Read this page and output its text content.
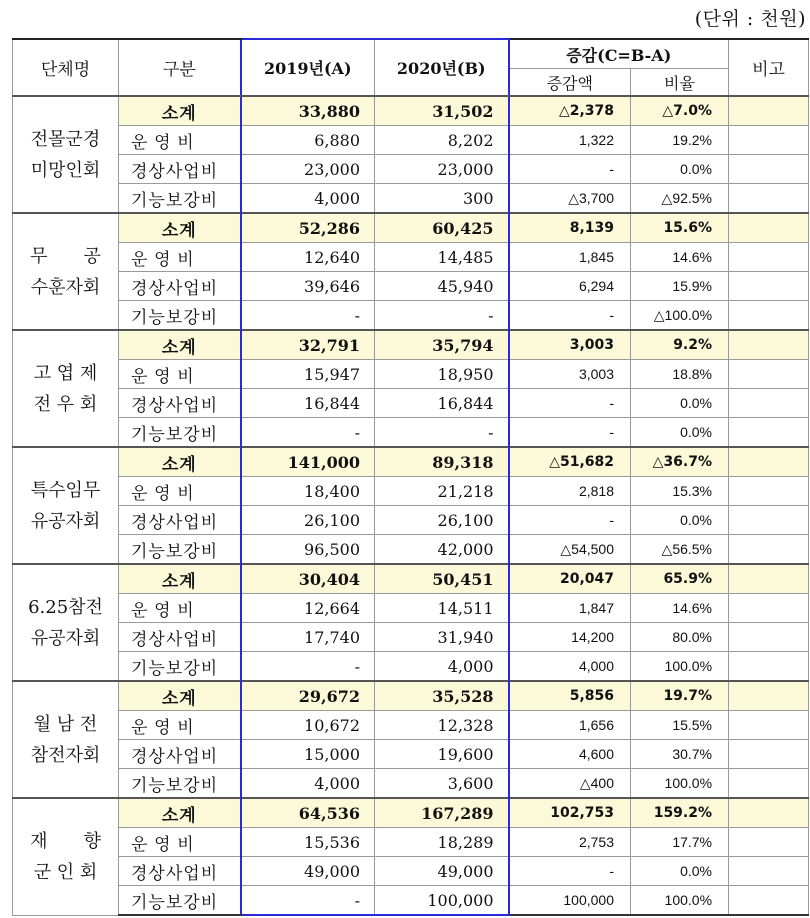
(단위 : 천원)
단체명	구분	2019년(A)	2020년(B)	증감(C=B-A)		비고
				증감액	비율	

전몰군경
미망인회	소계	33,880	31,502	△2,378	△7.0%	
	운 영 비	6,880	8,202	1,322	19.2%	
	경상사업비	23,000	23,000	-	0.0%	
	기능보강비	4,000	300	△3,700	△92.5%	

무　　공
수훈자회	소계	52,286	60,425	8,139	15.6%	
	운 영 비	12,640	14,485	1,845	14.6%	
	경상사업비	39,646	45,940	6,294	15.9%	
	기능보강비	-	-	-	△100.0%	

고 엽 제
전 우 회	소계	32,791	35,794	3,003	9.2%	
	운 영 비	15,947	18,950	3,003	18.8%	
	경상사업비	16,844	16,844	-	0.0%	
	기능보강비	-	-	-	0.0%	

특수임무
유공자회	소계	141,000	89,318	△51,682	△36.7%	
	운 영 비	18,400	21,218	2,818	15.3%	
	경상사업비	26,100	26,100	-	0.0%	
	기능보강비	96,500	42,000	△54,500	△56.5%	

6.25참전
유공자회	소계	30,404	50,451	20,047	65.9%	
	운 영 비	12,664	14,511	1,847	14.6%	
	경상사업비	17,740	31,940	14,200	80.0%	
	기능보강비	-	4,000	4,000	100.0%	

월 남 전
참전자회	소계	29,672	35,528	5,856	19.7%	
	운 영 비	10,672	12,328	1,656	15.5%	
	경상사업비	15,000	19,600	4,600	30.7%	
	기능보강비	4,000	3,600	△400	100.0%	

재　　향
군 인 회	소계	64,536	167,289	102,753	159.2%	
	운 영 비	15,536	18,289	2,753	17.7%	
	경상사업비	49,000	49,000	-	0.0%	
	기능보강비	-	100,000	100,000	100.0%	
